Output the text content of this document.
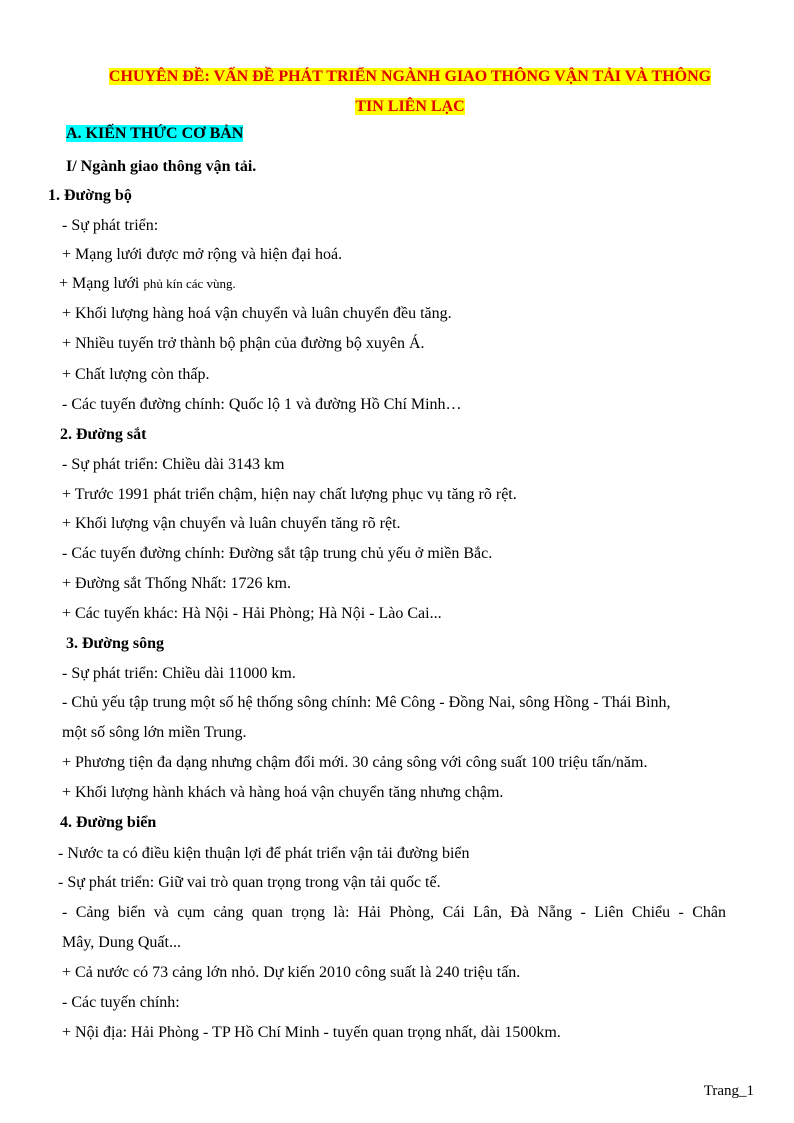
CHUYÊN ĐỀ: VẤN ĐỀ PHÁT TRIỂN NGÀNH GIAO THÔNG VẬN TẢI VÀ THÔNG
TIN LIÊN LẠC
A. KIẾN THỨC CƠ BẢN
I/ Ngành giao thông vận tải.
1. Đường bộ
- Sự phát triển:
+ Mạng lưới được mở rộng và hiện đại hoá.
+ Mạng lưới phủ kín các vùng.
+ Khối lượng hàng hoá vận chuyển và luân chuyển đều tăng.
+ Nhiều tuyến trở thành bộ phận của đường bộ xuyên Á.
+ Chất lượng còn thấp.
- Các tuyến đường chính: Quốc lộ 1 và đường Hồ Chí Minh…
2. Đường sắt
- Sự phát triển: Chiều dài 3143 km
+ Trước 1991 phát triển chậm, hiện nay chất lượng phục vụ tăng rõ rệt.
+ Khối lượng vận chuyển và luân chuyển tăng rõ rệt.
- Các tuyến đường chính: Đường sắt tập trung chủ yếu ở miền Bắc.
+ Đường sắt Thống Nhất: 1726 km.
+ Các tuyến khác: Hà Nội - Hải Phòng; Hà Nội - Lào Cai...
3. Đường sông
- Sự phát triển: Chiều dài 11000 km.
- Chủ yếu tập trung một số hệ thống sông chính: Mê Công - Đồng Nai, sông Hồng - Thái Bình,
một số sông lớn miền Trung.
+ Phương tiện đa dạng nhưng chậm đổi mới. 30 cảng sông với công suất 100 triệu tấn/năm.
+ Khối lượng hành khách và hàng hoá vận chuyển tăng nhưng chậm.
4. Đường biển
- Nước ta có điều kiện thuận lợi để phát triển vận tải đường biển
- Sự phát triển: Giữ vai trò quan trọng trong vận tải quốc tế.
- Cảng biển và cụm cảng quan trọng là: Hải Phòng, Cái Lân, Đà Nẵng - Liên Chiểu - Chân
Mây, Dung Quất...
+ Cả nước có 73 cảng lớn nhỏ. Dự kiến 2010 công suất là 240 triệu tấn.
- Các tuyến chính:
+ Nội địa: Hải Phòng - TP Hồ Chí Minh - tuyến quan trọng nhất, dài 1500km.
Trang_1
